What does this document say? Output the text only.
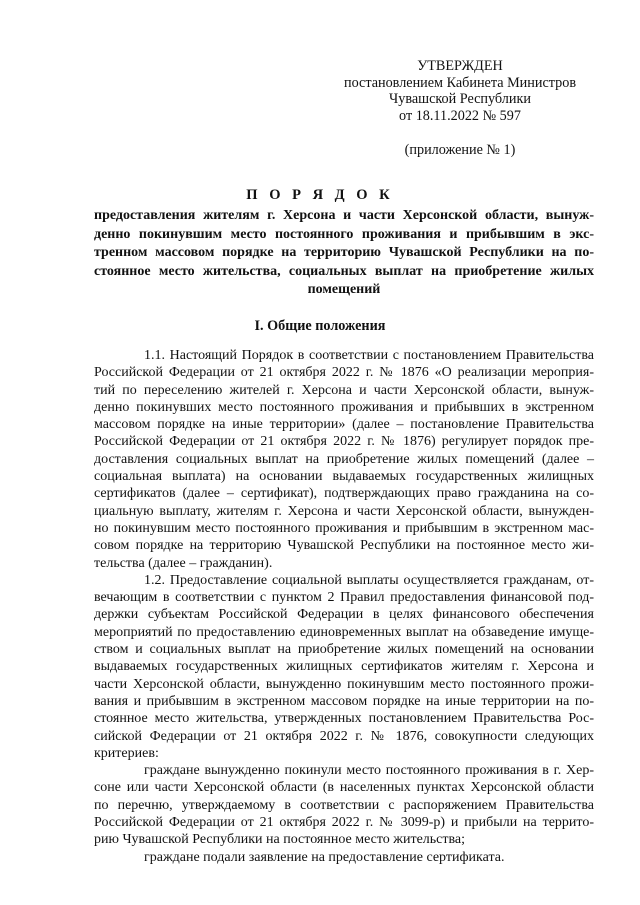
УТВЕРЖДЕН
постановлением Кабинета Министров
Чувашской Республики
от 18.11.2022 № 597
(приложение № 1)
П О Р Я Д О К
предоставления жителям г. Херсона и части Херсонской области, вынуж-
денно покинувшим место постоянного проживания и прибывшим в экс-
тренном массовом порядке на территорию Чувашской Республики на по-
стоянное место жительства, социальных выплат на приобретение жилых
помещений
I. Общие положения
1.1. Настоящий Порядок в соответствии с постановлением Правительства
Российской Федерации от 21 октября 2022 г. № 1876 «О реализации мероприя-
тий по переселению жителей г. Херсона и части Херсонской области, вынуж-
денно покинувших место постоянного проживания и прибывших в экстренном
массовом порядке на иные территории» (далее – постановление Правительства
Российской Федерации от 21 октября 2022 г. № 1876) регулирует порядок пре-
доставления социальных выплат на приобретение жилых помещений (далее –
социальная выплата) на основании выдаваемых государственных жилищных
сертификатов (далее – сертификат), подтверждающих право гражданина на со-
циальную выплату, жителям г. Херсона и части Херсонской области, вынужден-
но покинувшим место постоянного проживания и прибывшим в экстренном мас-
совом порядке на территорию Чувашской Республики на постоянное место жи-
тельства (далее – гражданин).
1.2. Предоставление социальной выплаты осуществляется гражданам, от-
вечающим в соответствии с пунктом 2 Правил предоставления финансовой под-
держки субъектам Российской Федерации в целях финансового обеспечения
мероприятий по предоставлению единовременных выплат на обзаведение имуще-
ством и социальных выплат на приобретение жилых помещений на основании
выдаваемых государственных жилищных сертификатов жителям г. Херсона и
части Херсонской области, вынужденно покинувшим место постоянного прожи-
вания и прибывшим в экстренном массовом порядке на иные территории на по-
стоянное место жительства, утвержденных постановлением Правительства Рос-
сийской Федерации от 21 октября 2022 г. № 1876, совокупности следующих
критериев:
граждане вынужденно покинули место постоянного проживания в г. Хер-
соне или части Херсонской области (в населенных пунктах Херсонской области
по перечню, утверждаемому в соответствии с распоряжением Правительства
Российской Федерации от 21 октября 2022 г. № 3099-р) и прибыли на террито-
рию Чувашской Республики на постоянное место жительства;
граждане подали заявление на предоставление сертификата.
